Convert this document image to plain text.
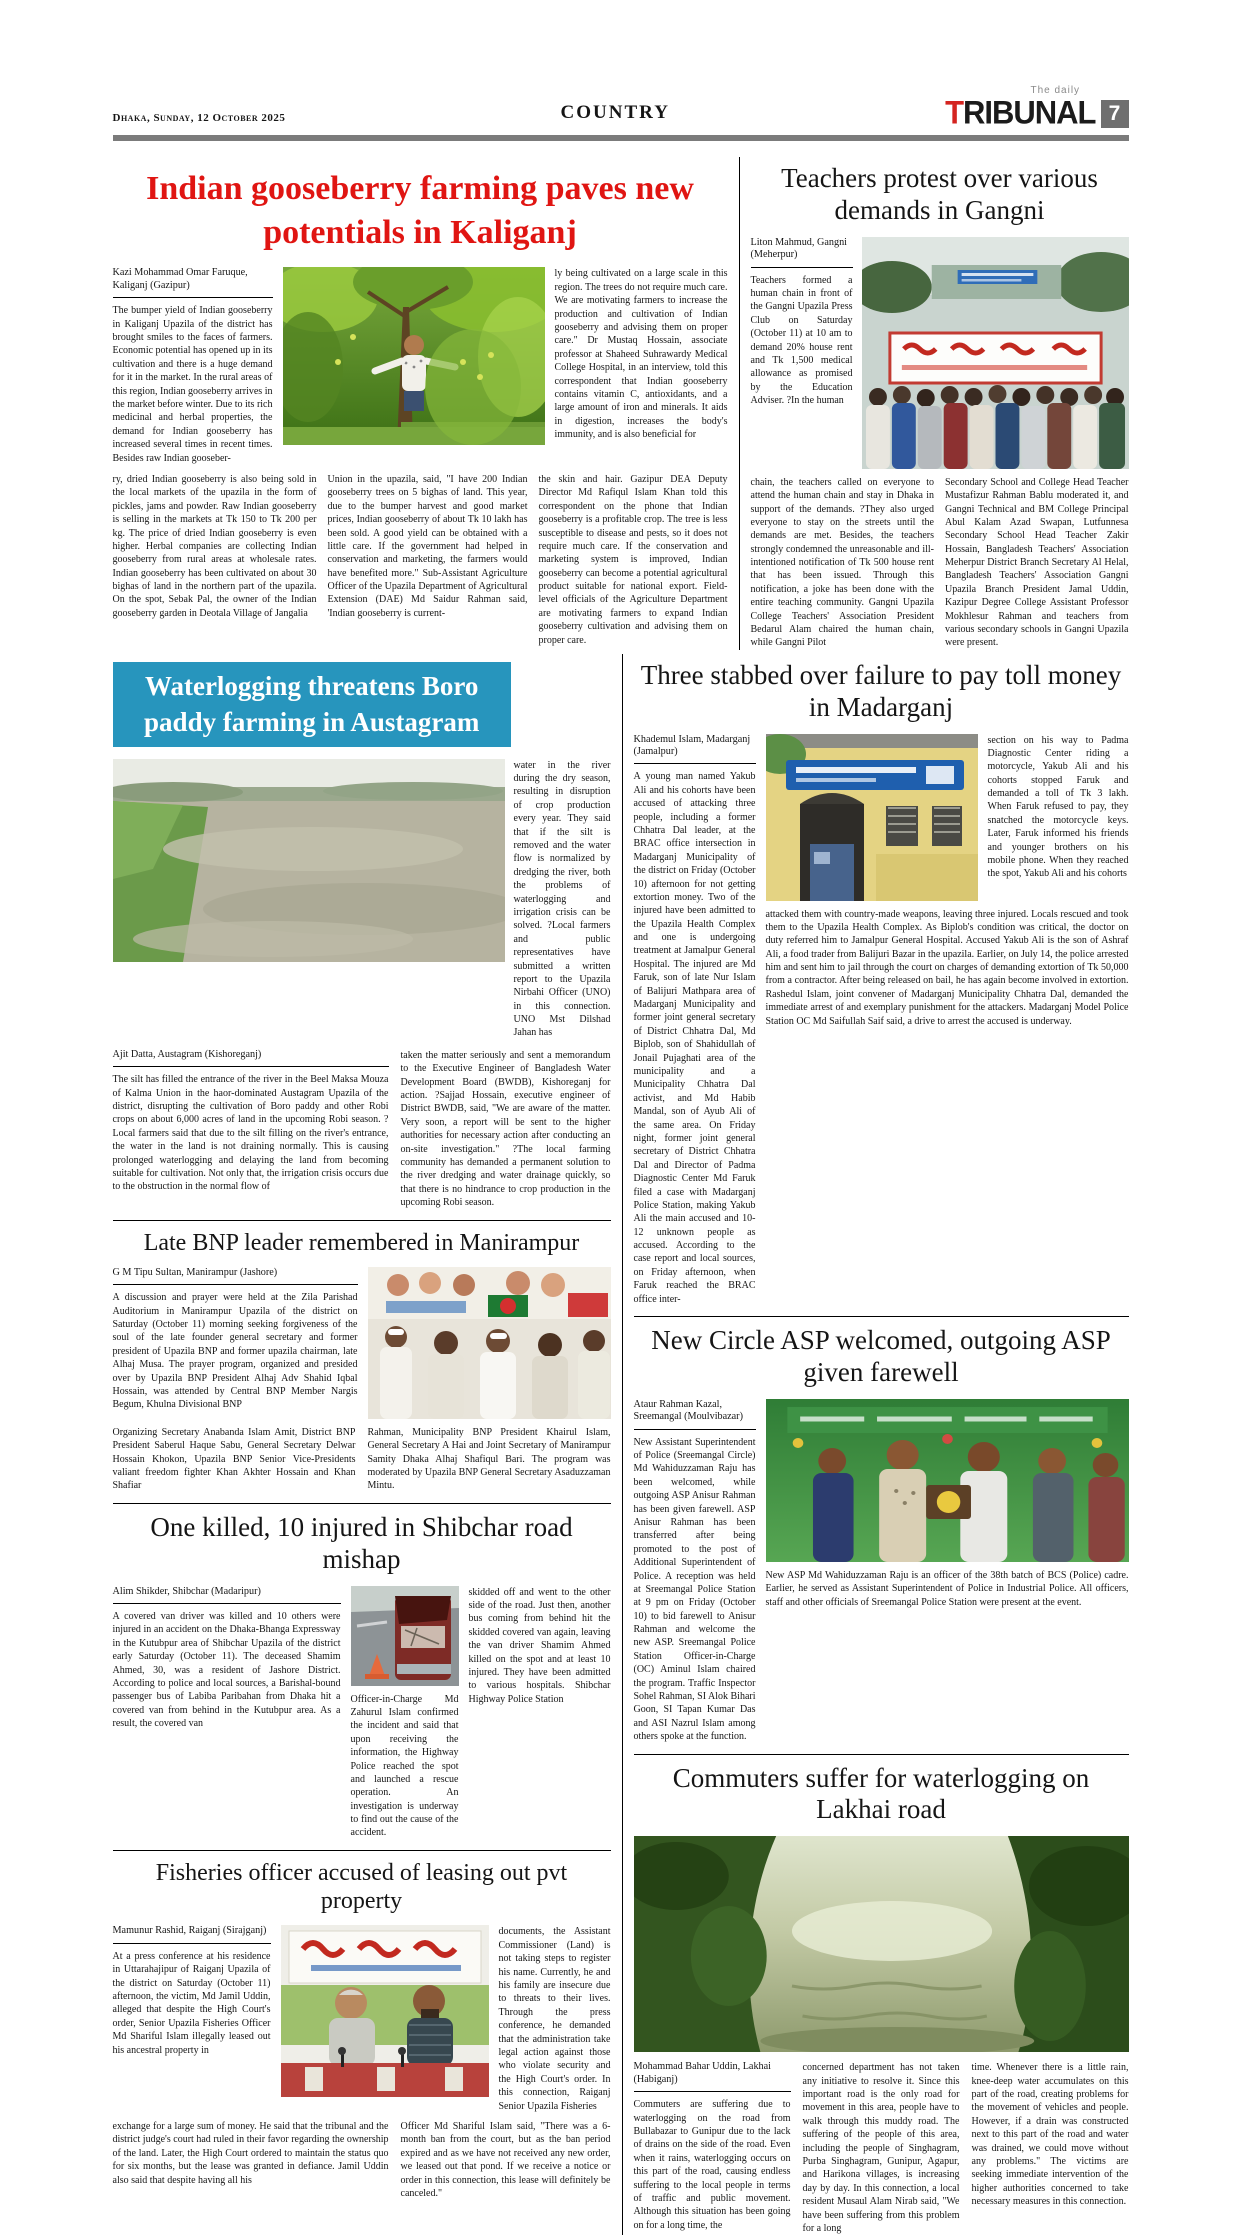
Dhaka, Sunday, 12 October 2025	COUNTRY
The daily
TRIBUNAL 7
Indian gooseberry farming paves new potentials in Kaliganj
Kazi Mohammad Omar Faruque, Kaliganj (Gazipur)
The bumper yield of Indian gooseberry in Kaliganj Upazila of the district has brought smiles to the faces of farmers. Economic potential has opened up in its cultivation and there is a huge demand for it in the market. In the rural areas of this region, Indian gooseberry arrives in the market before winter. Due to its rich medicinal and herbal properties, the demand for Indian gooseberry has increased several times in recent times. Besides raw Indian gooseber-
ly being cultivated on a large scale in this region. The trees do not require much care. We are motivating farmers to increase the production and cultivation of Indian gooseberry and advising them on proper care." Dr Mustaq Hossain, associate professor at Shaheed Suhrawardy Medical College Hospital, in an interview, told this correspondent that Indian gooseberry contains vitamin C, antioxidants, and a large amount of iron and minerals. It aids in digestion, increases the body's immunity, and is also beneficial for
ry, dried Indian gooseberry is also being sold in the local markets of the upazila in the form of pickles, jams and powder. Raw Indian gooseberry is selling in the markets at Tk 150 to Tk 200 per kg. The price of dried Indian gooseberry is even higher. Herbal companies are collecting Indian gooseberry from rural areas at wholesale rates. Indian gooseberry has been cultivated on about 30 bighas of land in the northern part of the upazila. On the spot, Sebak Pal, the owner of the Indian gooseberry garden in Deotala Village of Jangalia
Union in the upazila, said, "I have 200 Indian gooseberry trees on 5 bighas of land. This year, due to the bumper harvest and good market prices, Indian gooseberry of about Tk 10 lakh has been sold. A good yield can be obtained with a little care. If the government had helped in conservation and marketing, the farmers would have benefited more." Sub-Assistant Agriculture Officer of the Upazila Department of Agricultural Extension (DAE) Md Saidur Rahman said, 'Indian gooseberry is current-
the skin and hair. Gazipur DEA Deputy Director Md Rafiqul Islam Khan told this correspondent on the phone that Indian gooseberry is a profitable crop. The tree is less susceptible to disease and pests, so it does not require much care. If the conservation and marketing system is improved, Indian gooseberry can become a potential agricultural product suitable for national export. Field-level officials of the Agriculture Department are motivating farmers to expand Indian gooseberry cultivation and advising them on proper care.
Teachers protest over various demands in Gangni
Liton Mahmud, Gangni (Meherpur)
Teachers formed a human chain in front of the Gangni Upazila Press Club on Saturday (October 11) at 10 am to demand 20% house rent and Tk 1,500 medical allowance as promised by the Education Adviser. ?In the human
chain, the teachers called on everyone to attend the human chain and stay in Dhaka in support of the demands. ?They also urged everyone to stay on the streets until the demands are met. Besides, the teachers strongly condemned the unreasonable and ill-intentioned notification of Tk 500 house rent that has been issued. Through this notification, a joke has been done with the entire teaching community. Gangni Upazila College Teachers' Association President Bedarul Alam chaired the human chain, while Gangni Pilot
Secondary School and College Head Teacher Mustafizur Rahman Bablu moderated it, and Gangni Technical and BM College Principal Abul Kalam Azad Swapan, Lutfunnesa Secondary School Head Teacher Zakir Hossain, Bangladesh Teachers' Association Meherpur District Branch Secretary Al Helal, Bangladesh Teachers' Association Gangni Upazila Branch President Jamal Uddin, Kazipur Degree College Assistant Professor Mokhlesur Rahman and teachers from various secondary schools in Gangni Upazila were present.
Waterlogging threatens Boro paddy farming in Austagram
water in the river during the dry season, resulting in disruption of crop production every year. They said that if the silt is removed and the water flow is normalized by dredging the river, both the problems of waterlogging and irrigation crisis can be solved. ?Local farmers and public representatives have submitted a written report to the Upazila Nirbahi Officer (UNO) in this connection. UNO Mst Dilshad Jahan has
Ajit Datta, Austagram (Kishoreganj)
The silt has filled the entrance of the river in the Beel Maksa Mouza of Kalma Union in the haor-dominated Austagram Upazila of the district, disrupting the cultivation of Boro paddy and other Robi crops on about 6,000 acres of land in the upcoming Robi season. ?Local farmers said that due to the silt filling on the river's entrance, the water in the land is not draining normally. This is causing prolonged waterlogging and delaying the land from becoming suitable for cultivation. Not only that, the irrigation crisis occurs due to the obstruction in the normal flow of
taken the matter seriously and sent a memorandum to the Executive Engineer of Bangladesh Water Development Board (BWDB), Kishoreganj for action. ?Sajjad Hossain, executive engineer of District BWDB, said, "We are aware of the matter. Very soon, a report will be sent to the higher authorities for necessary action after conducting an on-site investigation." ?The local farming community has demanded a permanent solution to the river dredging and water drainage quickly, so that there is no hindrance to crop production in the upcoming Robi season.
Late BNP leader remembered in Manirampur
G M Tipu Sultan, Manirampur (Jashore)
A discussion and prayer were held at the Zila Parishad Auditorium in Manirampur Upazila of the district on Saturday (October 11) morning seeking forgiveness of the soul of the late founder general secretary and former president of Upazila BNP and former upazila chairman, late Alhaj Musa. The prayer program, organized and presided over by Upazila BNP President Alhaj Adv Shahid Iqbal Hossain, was attended by Central BNP Member Nargis Begum, Khulna Divisional BNP
Organizing Secretary Anabanda Islam Amit, District BNP President Saberul Haque Sabu, General Secretary Delwar Hossain Khokon, Upazila BNP Senior Vice-Presidents valiant freedom fighter Khan Akhter Hossain and Khan Shafiar
Rahman, Municipality BNP President Khairul Islam, General Secretary A Hai and Joint Secretary of Manirampur Samity Dhaka Alhaj Shafiqul Bari. The program was moderated by Upazila BNP General Secretary Asaduzzaman Mintu.
One killed, 10 injured in Shibchar road mishap
Alim Shikder, Shibchar (Madaripur)
A covered van driver was killed and 10 others were injured in an accident on the Dhaka-Bhanga Expressway in the Kutubpur area of Shibchar Upazila of the district early Saturday (October 11). The deceased Shamim Ahmed, 30, was a resident of Jashore District. According to police and local sources, a Barishal-bound passenger bus of Labiba Paribahan from Dhaka hit a covered van from behind in the Kutubpur area. As a result, the covered van
Officer-in-Charge Md Zahurul Islam confirmed the incident and said that upon receiving the information, the Highway Police reached the spot and launched a rescue operation. An investigation is underway to find out the cause of the accident.
skidded off and went to the other side of the road. Just then, another bus coming from behind hit the skidded covered van again, leaving the van driver Shamim Ahmed killed on the spot and at least 10 injured. They have been admitted to various hospitals. Shibchar Highway Police Station
Fisheries officer accused of leasing out pvt property
Mamunur Rashid, Raiganj (Sirajganj)
At a press conference at his residence in Uttarahajipur of Raiganj Upazila of the district on Saturday (October 11) afternoon, the victim, Md Jamil Uddin, alleged that despite the High Court's order, Senior Upazila Fisheries Officer Md Shariful Islam illegally leased out his ancestral property in
documents, the Assistant Commissioner (Land) is not taking steps to register his name. Currently, he and his family are insecure due to threats to their lives. Through the press conference, he demanded that the administration take legal action against those who violate security and the High Court's order. In this connection, Raiganj Senior Upazila Fisheries
exchange for a large sum of money. He said that the tribunal and the district judge's court had ruled in their favor regarding the ownership of the land. Later, the High Court ordered to maintain the status quo for six months, but the lease was granted in defiance. Jamil Uddin also said that despite having all his
Officer Md Shariful Islam said, "There was a 6-month ban from the court, but as the ban period expired and as we have not received any new order, we leased out that pond. If we receive a notice or order in this connection, this lease will definitely be canceled."
Three stabbed over failure to pay toll money in Madarganj
Khademul Islam, Madarganj (Jamalpur)
A young man named Yakub Ali and his cohorts have been accused of attacking three people, including a former Chhatra Dal leader, at the BRAC office intersection in Madarganj Municipality of the district on Friday (October 10) afternoon for not getting extortion money. Two of the injured have been admitted to the Upazila Health Complex and one is undergoing treatment at Jamalpur General Hospital. The injured are Md Faruk, son of late Nur Islam of Balijuri Mathpara area of Madarganj Municipality and former joint general secretary of District Chhatra Dal, Md Biplob, son of Shahidullah of Jonail Pujaghati area of the municipality and a Municipality Chhatra Dal activist, and Md Habib Mandal, son of Ayub Ali of the same area. On Friday night, former joint general secretary of District Chhatra Dal and Director of Padma Diagnostic Center Md Faruk filed a case with Madarganj Police Station, making Yakub Ali the main accused and 10-12 unknown people as accused. According to the case report and local sources, on Friday afternoon, when Faruk reached the BRAC office inter-
section on his way to Padma Diagnostic Center riding a motorcycle, Yakub Ali and his cohorts stopped Faruk and demanded a toll of Tk 3 lakh. When Faruk refused to pay, they snatched the motorcycle keys. Later, Faruk informed his friends and younger brothers on his mobile phone. When they reached the spot, Yakub Ali and his cohorts
attacked them with country-made weapons, leaving three injured. Locals rescued and took them to the Upazila Health Complex. As Biplob's condition was critical, the doctor on duty referred him to Jamalpur General Hospital. Accused Yakub Ali is the son of Ashraf Ali, a food trader from Balijuri Bazar in the upazila. Earlier, on July 14, the police arrested him and sent him to jail through the court on charges of demanding extortion of Tk 50,000 from a contractor. After being released on bail, he has again become involved in extortion. Rashedul Islam, joint convener of Madarganj Municipality Chhatra Dal, demanded the immediate arrest of and exemplary punishment for the attackers. Madarganj Model Police Station OC Md Saifullah Saif said, a drive to arrest the accused is underway.
New Circle ASP welcomed, outgoing ASP given farewell
Ataur Rahman Kazal, Sreemangal (Moulvibazar)
New Assistant Superintendent of Police (Sreemangal Circle) Md Wahiduzzaman Raju has been welcomed, while outgoing ASP Anisur Rahman has been given farewell. ASP Anisur Rahman has been transferred after being promoted to the post of Additional Superintendent of Police. A reception was held at Sreemangal Police Station at 9 pm on Friday (October 10) to bid farewell to Anisur Rahman and welcome the new ASP. Sreemangal Police Station Officer-in-Charge (OC) Aminul Islam chaired the program. Traffic Inspector Sohel Rahman, SI Alok Bihari Goon, SI Tapan Kumar Das and ASI Nazrul Islam among others spoke at the function.
New ASP Md Wahiduzzaman Raju is an officer of the 38th batch of BCS (Police) cadre. Earlier, he served as Assistant Superintendent of Police in Industrial Police. All officers, staff and other officials of Sreemangal Police Station were present at the event.
Commuters suffer for waterlogging on Lakhai road
Mohammad Bahar Uddin, Lakhai (Habiganj)
Commuters are suffering due to waterlogging on the road from Bullabazar to Gunipur due to the lack of drains on the side of the road. Even when it rains, waterlogging occurs on this part of the road, causing endless suffering to the local people in terms of traffic and public movement. Although this situation has been going on for a long time, the
concerned department has not taken any initiative to resolve it. Since this important road is the only road for movement in this area, people have to walk through this muddy road. The suffering of the people of this area, including the people of Singhagram, Purba Singhagram, Gunipur, Agapur, and Harikona villages, is increasing day by day. In this connection, a local resident Musaul Alam Nirab said, "We have been suffering from this problem for a long
time. Whenever there is a little rain, knee-deep water accumulates on this part of the road, creating problems for the movement of vehicles and people. However, if a drain was constructed next to this part of the road and water was drained, we could move without any problems." The victims are seeking immediate intervention of the higher authorities concerned to take necessary measures in this connection.
